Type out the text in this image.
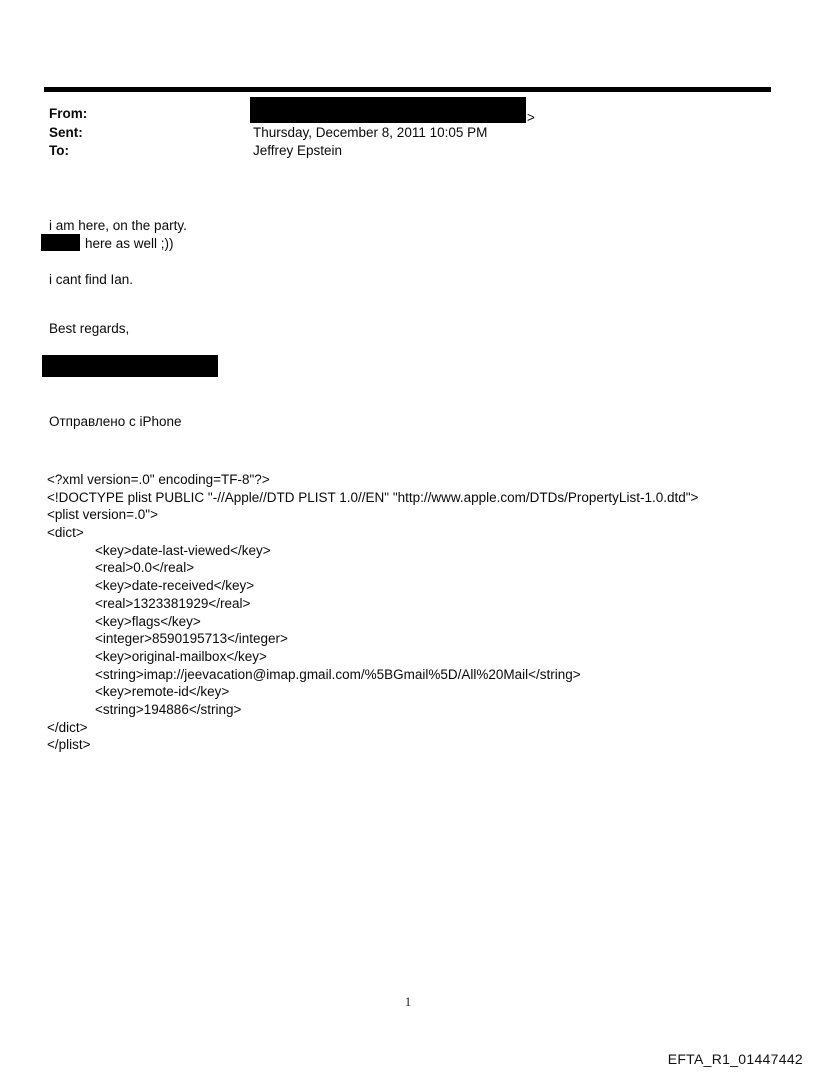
From:	>
Sent:	Thursday, December 8, 2011 10:05 PM
To:	Jeffrey Epstein
i am here, on the party.
here as well ;))
i cant find Ian.
Best regards,
Отправлено с iPhone
<?xml version=.0" encoding=TF-8"?>
<!DOCTYPE plist PUBLIC "-//Apple//DTD PLIST 1.0//EN" "http://www.apple.com/DTDs/PropertyList-1.0.dtd">
<plist version=.0">
<dict>
<key>date-last-viewed</key>
<real>0.0</real>
<key>date-received</key>
<real>1323381929</real>
<key>flags</key>
<integer>8590195713</integer>
<key>original-mailbox</key>
<string>imap://jeevacation@imap.gmail.com/%5BGmail%5D/All%20Mail</string>
<key>remote-id</key>
<string>194886</string>
</dict>
</plist>
1
EFTA_R1_01447442
